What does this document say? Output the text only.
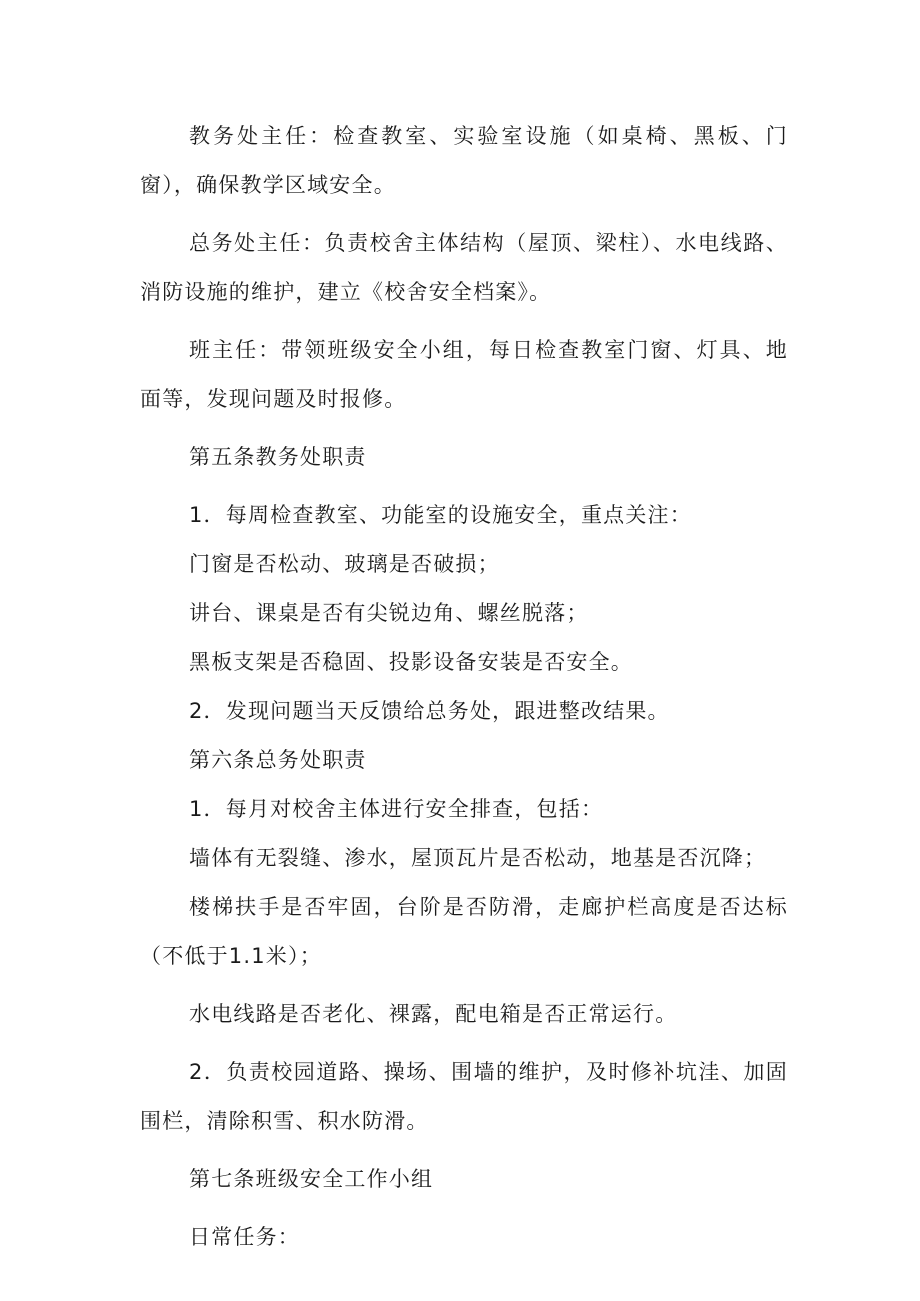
教务处主任：检查教室、实验室设施（如桌椅、黑板、门窗），确保教学区域安全。

总务处主任：负责校舍主体结构（屋顶、梁柱）、水电线路、消防设施的维护，建立《校舍安全档案》。

班主任：带领班级安全小组，每日检查教室门窗、灯具、地面等，发现问题及时报修。

第五条教务处职责

1．每周检查教室、功能室的设施安全，重点关注：

门窗是否松动、玻璃是否破损；

讲台、课桌是否有尖锐边角、螺丝脱落；

黑板支架是否稳固、投影设备安装是否安全。

2．发现问题当天反馈给总务处，跟进整改结果。

第六条总务处职责

1．每月对校舍主体进行安全排查，包括：

墙体有无裂缝、渗水，屋顶瓦片是否松动，地基是否沉降；

楼梯扶手是否牢固，台阶是否防滑，走廊护栏高度是否达标（不低于1.1米）；

水电线路是否老化、裸露，配电箱是否正常运行。

2．负责校园道路、操场、围墙的维护，及时修补坑洼、加固围栏，清除积雪、积水防滑。

第七条班级安全工作小组

日常任务：
